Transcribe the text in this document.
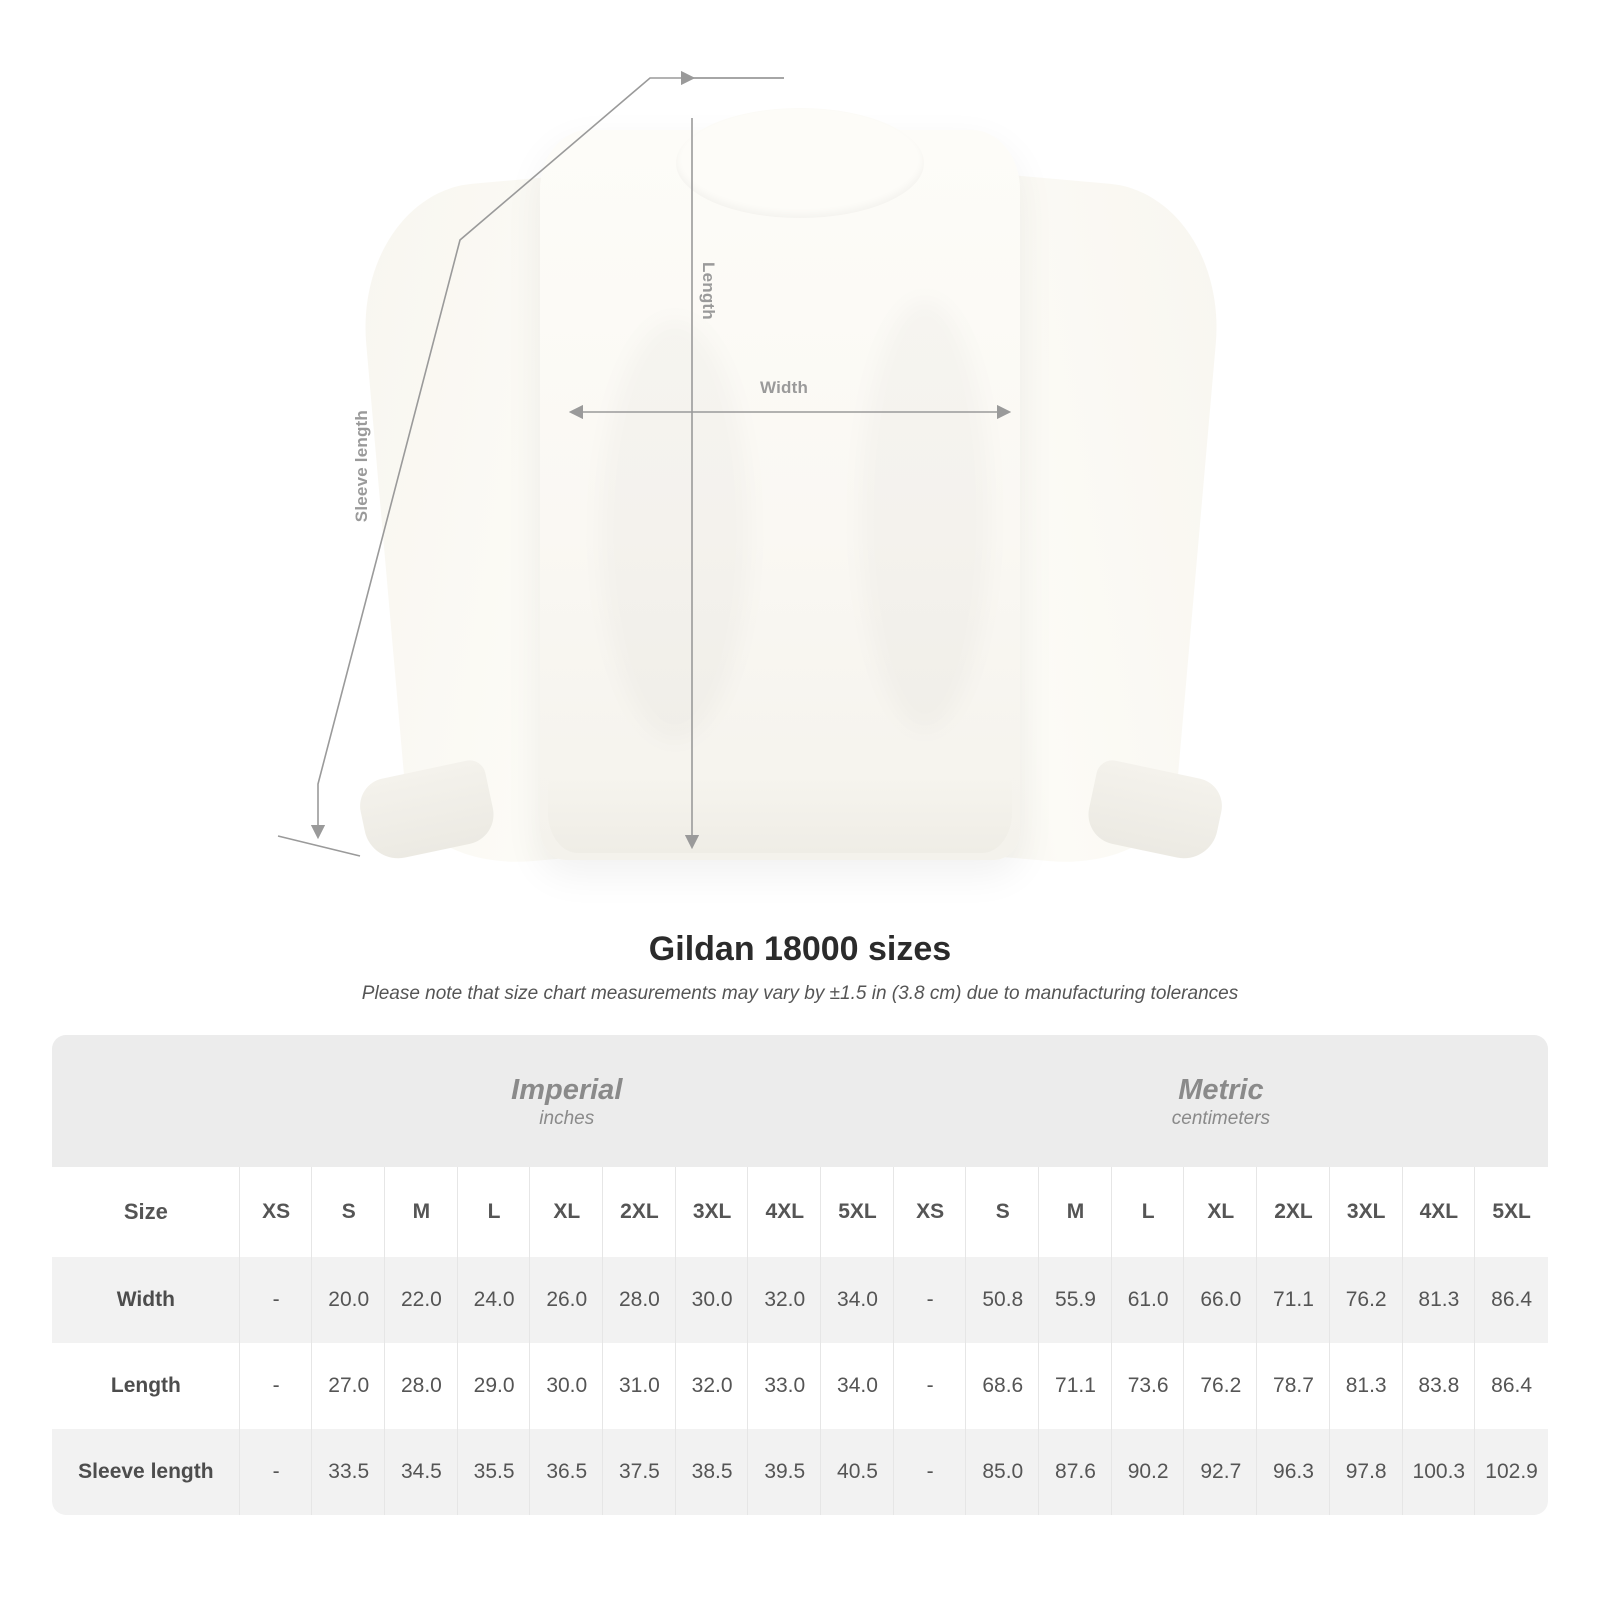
Width
Length
Sleeve length
Gildan 18000 sizes

Please note that size chart measurements may vary by ±1.5 in (3.8 cm) due to manufacturing tolerances

	Imperial
inches									Metric
centimeters								

Size	XS	S	M	L	XL	2XL	3XL	4XL	5XL	XS	S	M	L	XL	2XL	3XL	4XL	5XL
Width	-	20.0	22.0	24.0	26.0	28.0	30.0	32.0	34.0	-	50.8	55.9	61.0	66.0	71.1	76.2	81.3	86.4
Length	-	27.0	28.0	29.0	30.0	31.0	32.0	33.0	34.0	-	68.6	71.1	73.6	76.2	78.7	81.3	83.8	86.4
Sleeve length	-	33.5	34.5	35.5	36.5	37.5	38.5	39.5	40.5	-	85.0	87.6	90.2	92.7	96.3	97.8	100.3	102.9
